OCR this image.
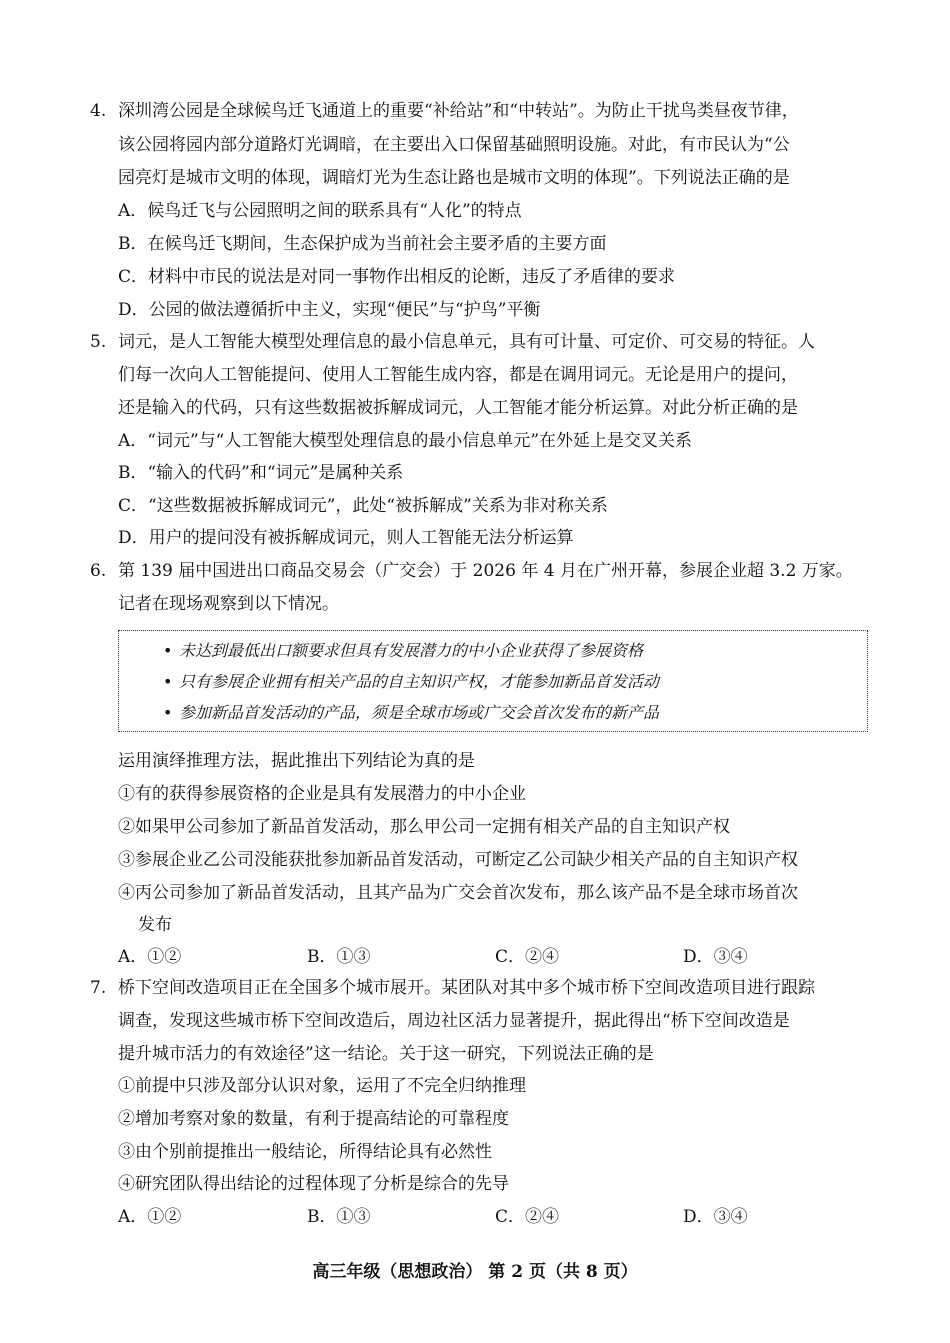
4. 深圳湾公园是全球候鸟迁飞通道上的重要“补给站”和“中转站”。为防止干扰鸟类昼夜节律，
该公园将园内部分道路灯光调暗，在主要出入口保留基础照明设施。对此，有市民认为“公
园亮灯是城市文明的体现，调暗灯光为生态让路也是城市文明的体现”。下列说法正确的是
A．候鸟迁飞与公园照明之间的联系具有“人化”的特点
B．在候鸟迁飞期间，生态保护成为当前社会主要矛盾的主要方面
C．材料中市民的说法是对同一事物作出相反的论断，违反了矛盾律的要求
D．公园的做法遵循折中主义，实现“便民”与“护鸟”平衡
5. 词元，是人工智能大模型处理信息的最小信息单元，具有可计量、可定价、可交易的特征。人
们每一次向人工智能提问、使用人工智能生成内容，都是在调用词元。无论是用户的提问，
还是输入的代码，只有这些数据被拆解成词元，人工智能才能分析运算。对此分析正确的是
A．“词元”与“人工智能大模型处理信息的最小信息单元”在外延上是交叉关系
B．“输入的代码”和“词元”是属种关系
C．“这些数据被拆解成词元”，此处“被拆解成”关系为非对称关系
D．用户的提问没有被拆解成词元，则人工智能无法分析运算
6. 第 139 届中国进出口商品交易会（广交会）于 2026 年 4 月在广州开幕，参展企业超 3.2 万家。
记者在现场观察到以下情况。
• 未达到最低出口额要求但具有发展潜力的中小企业获得了参展资格
• 只有参展企业拥有相关产品的自主知识产权，才能参加新品首发活动
• 参加新品首发活动的产品，须是全球市场或广交会首次发布的新产品
运用演绎推理方法，据此推出下列结论为真的是
①有的获得参展资格的企业是具有发展潜力的中小企业
②如果甲公司参加了新品首发活动，那么甲公司一定拥有相关产品的自主知识产权
③参展企业乙公司没能获批参加新品首发活动，可断定乙公司缺少相关产品的自主知识产权
④丙公司参加了新品首发活动，且其产品为广交会首次发布，那么该产品不是全球市场首次
发布
A．①②	B．①③	C．②④	D．③④
7. 桥下空间改造项目正在全国多个城市展开。某团队对其中多个城市桥下空间改造项目进行跟踪
调查，发现这些城市桥下空间改造后，周边社区活力显著提升，据此得出“桥下空间改造是
提升城市活力的有效途径”这一结论。关于这一研究，下列说法正确的是
①前提中只涉及部分认识对象，运用了不完全归纳推理
②增加考察对象的数量，有利于提高结论的可靠程度
③由个别前提推出一般结论，所得结论具有必然性
④研究团队得出结论的过程体现了分析是综合的先导
A．①②	B．①③	C．②④	D．③④
高三年级（思想政治） 第 2 页（共 8 页）
